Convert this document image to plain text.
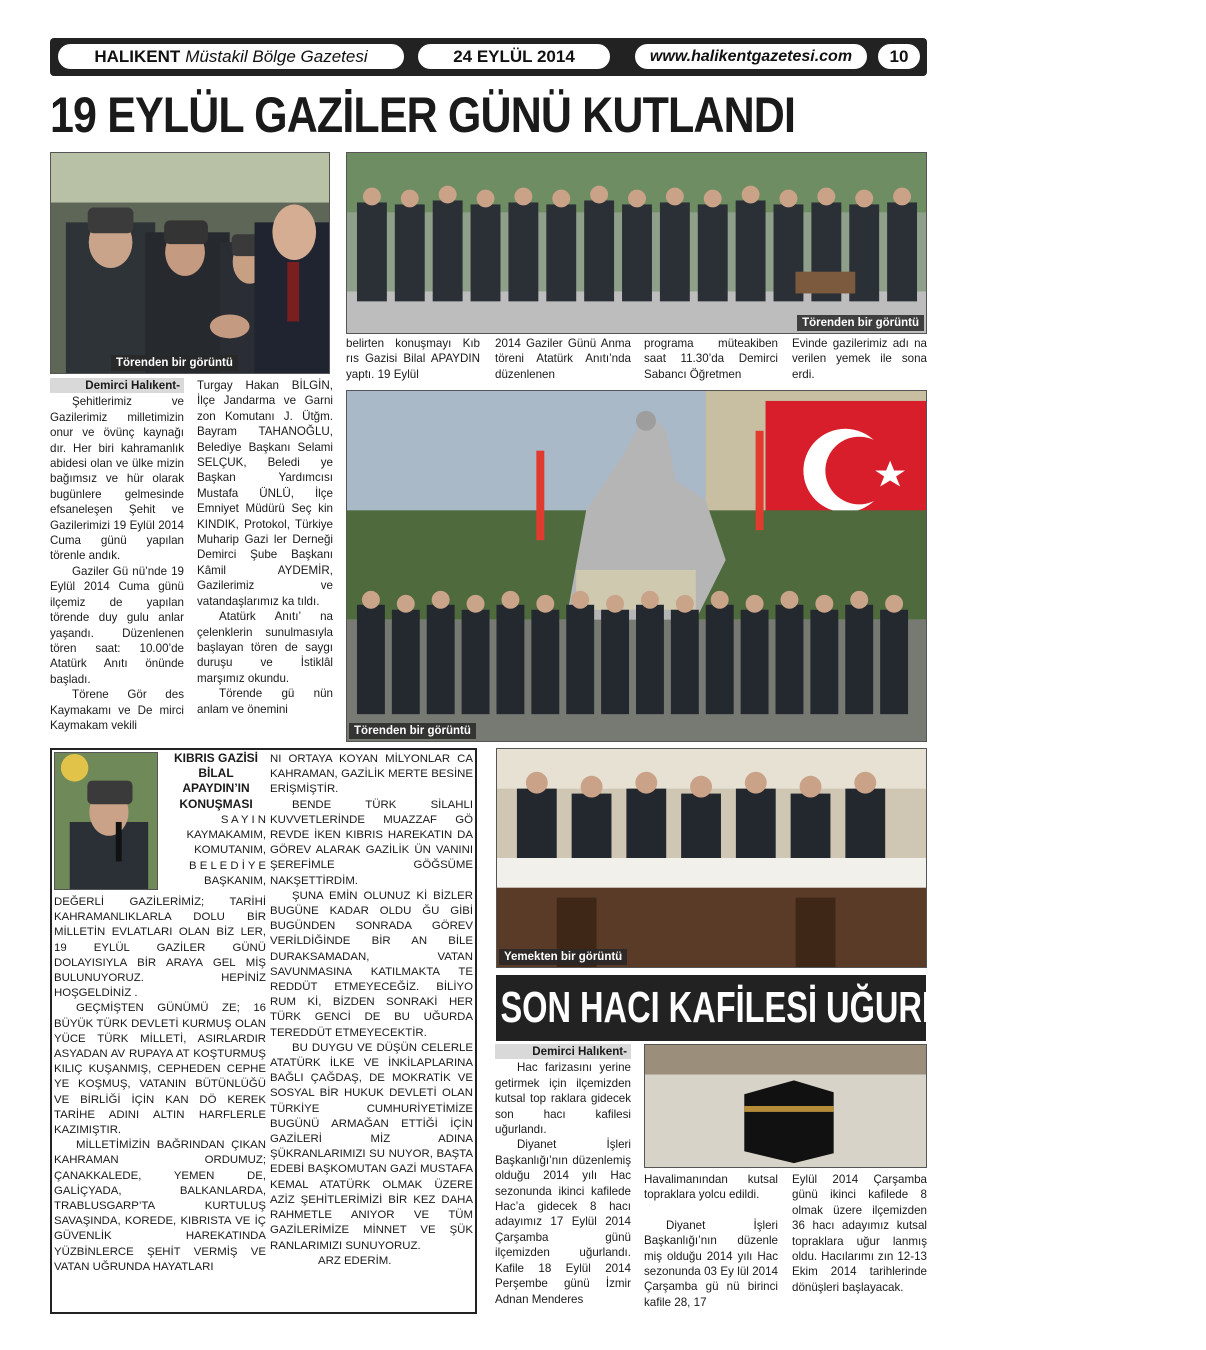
HALIKENT Müstakil Bölge Gazetesi	24 EYLÜL 2014	www.halikentgazetesi.com	10
19 EYLÜL GAZİLER GÜNÜ KUTLANDI
Törenden bir görüntü
Törenden bir görüntü
Demirci Halıkent-

Şehitlerimiz ve Gazilerimiz milletimizin onur ve övünç kaynağı dır. Her biri kahramanlık abidesi olan ve ülke mizin bağımsız ve hür olarak bugünlere gelmesinde efsaneleşen Şehit ve Gazilerimizi 19 Eylül 2014 Cuma günü yapılan törenle andık.

Gaziler Gü nü’nde 19 Eylül 2014 Cuma günü ilçemiz de yapılan törende duy gulu anlar yaşandı. Düzenlenen tören saat: 10.00’de Atatürk Anıtı önünde başladı.

Törene Gör des Kaymakamı ve De mirci Kaymakam vekili

Turgay Hakan BİLGİN, İlçe Jandarma ve Garni zon Komutanı J. Ütğm. Bayram TAHANOĞLU, Belediye Başkanı Selami SELÇUK, Beledi ye Başkan Yardımcısı Mustafa ÜNLÜ, İlçe Emniyet Müdürü Seç kin KINDIK, Protokol, Türkiye Muharip Gazi ler Derneği Demirci Şube Başkanı Kâmil AYDEMİR, Gazilerimiz ve vatandaşlarımız ka tıldı.

Atatürk Anıtı’ na çelenklerin sunulmasıyla başlayan tören de saygı duruşu ve İstiklâl marşımız okundu.

Törende gü nün anlam ve önemini

belirten konuşmayı Kıb rıs Gazisi Bilal APAYDIN yaptı. 19 Eylül

2014 Gaziler Günü Anma töreni Atatürk Anıtı’nda düzenlenen

programa müteakiben saat 11.30’da Demirci Sabancı Öğretmen

Evinde gazilerimiz adı na verilen yemek ile sona erdi.

Törenden bir görüntü
KIBRIS GAZİSİ
BİLAL
APAYDIN’IN
KONUŞMASI
S A Y I N
KAYMAKAMIM,
KOMUTANIM,
B E L E D İ Y E
BAŞKANIM,

DEĞERLİ GAZİLERİMİZ; TARİHİ KAHRAMANLIKLARLA DOLU BİR MİLLETİN EVLATLARI OLAN BİZ LER, 19 EYLÜL GAZİLER GÜNÜ DOLAYISIYLA BİR ARAYA GEL MİŞ BULUNUYORUZ. HEPİNİZ HOŞGELDİNİZ .

GEÇMİŞTEN GÜNÜMÜ ZE; 16 BÜYÜK TÜRK DEVLETİ KURMUŞ OLAN YÜCE TÜRK MİLLETİ, ASIRLARDIR ASYADAN AV RUPAYA AT KOŞTURMUŞ KILIÇ KUŞANMIŞ, CEPHEDEN CEPHE YE KOŞMUŞ, VATANIN BÜTÜNLÜĞÜ VE BİRLİĞİ İÇİN KAN DÖ KEREK TARİHE ADINI ALTIN HARFLERLE KAZIMIŞTIR.

MİLLETİMİZİN BAĞRINDAN ÇIKAN KAHRAMAN ORDUMUZ; ÇANAKKALEDE, YEMEN DE, GALİÇYADA, BALKANLARDA, TRABLUSGARP’TA KURTULUŞ SAVAŞINDA, KOREDE, KIBRISTA VE İÇ GÜVENLİK HAREKATINDA YÜZBİNLERCE ŞEHİT VERMİŞ VE VATAN UĞRUNDA HAYATLARI

NI ORTAYA KOYAN MİLYONLAR CA KAHRAMAN, GAZİLİK MERTE BESİNE ERİŞMİŞTİR.

BENDE TÜRK SİLAHLI KUVVETLERİNDE MUAZZAF GÖ REVDE İKEN KIBRIS HAREKATIN DA GÖREV ALARAK GAZİLİK ÜN VANINI ŞEREFİMLE GÖĞSÜME NAKŞETTİRDİM.

ŞUNA EMİN OLUNUZ Kİ BİZLER BUGÜNE KADAR OLDU ĞU GİBİ BUGÜNDEN SONRADA GÖREV VERİLDİĞİNDE BİR AN BİLE DURAKSAMADAN, VATAN SAVUNMASINA KATILMAKTA TE REDDÜT ETMEYECEĞİZ. BİLİYO RUM Kİ, BİZDEN SONRAKİ HER TÜRK GENCİ DE BU UĞURDA TEREDDÜT ETMEYECEKTİR.

BU DUYGU VE DÜŞÜN CELERLE ATATÜRK İLKE VE İNKİLAPLARINA BAĞLI ÇAĞDAŞ, DE MOKRATİK VE SOSYAL BİR HUKUK DEVLETİ OLAN TÜRKİYE CUMHURİYETİMİZE BUGÜNÜ ARMAĞAN ETTİĞİ İÇİN GAZİLERİ MİZ ADINA ŞÜKRANLARIMIZI SU NUYOR, BAŞTA EDEBİ BAŞKOMUTAN GAZİ MUSTAFA KEMAL ATATÜRK OLMAK ÜZERE AZİZ ŞEHİTLERİMİZİ BİR KEZ DAHA RAHMETLE ANIYOR VE TÜM GAZİLERİMİZE MİNNET VE ŞÜK RANLARIMIZI SUNUYORUZ.

ARZ EDERİM.

Yemekten bir görüntü
SON HACI KAFİLESİ UĞURLANDI
Demirci Halıkent-

Hac farizasını yerine getirmek için ilçemizden kutsal top raklara gidecek son hacı kafilesi uğurlandı.

Diyanet İşleri Başkanlığı’nın düzenlemiş olduğu 2014 yılı Hac sezonunda ikinci kafilede Hac’a gidecek 8 hacı adayımız 17 Eylül 2014 Çarşamba günü ilçemizden uğurlandı. Kafile 18 Eylül 2014 Perşembe günü İzmir Adnan Menderes

Havalimanından kutsal topraklara yolcu edildi.

Diyanet İşleri Başkanlığı’nın düzenle miş olduğu 2014 yılı Hac sezonunda 03 Ey lül 2014 Çarşamba gü nü birinci kafile 28, 17

Eylül 2014 Çarşamba günü ikinci kafilede 8 olmak üzere ilçemizden 36 hacı adayımız kutsal topraklara uğur lanmış oldu. Hacılarımı zın 12-13 Ekim 2014 tarihlerinde dönüşleri başlayacak.
